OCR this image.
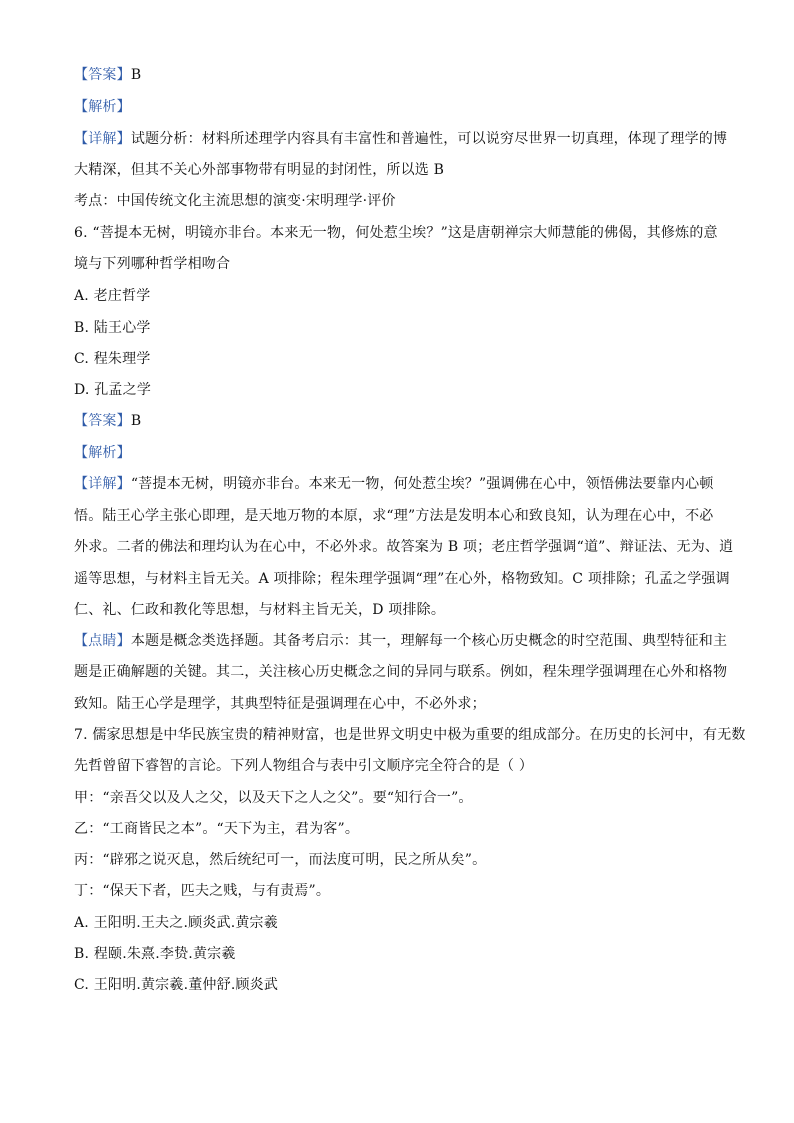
【答案】B
【解析】
【详解】试题分析：材料所述理学内容具有丰富性和普遍性，可以说穷尽世界一切真理，体现了理学的博
大精深，但其不关心外部事物带有明显的封闭性，所以选 B
考点：中国传统文化主流思想的演变·宋明理学·评价
6. “菩提本无树，明镜亦非台。本来无一物，何处惹尘埃？”这是唐朝禅宗大师慧能的佛偈，其修炼的意
境与下列哪种哲学相吻合
A. 老庄哲学
B. 陆王心学
C. 程朱理学
D. 孔孟之学
【答案】B
【解析】
【详解】“菩提本无树，明镜亦非台。本来无一物，何处惹尘埃？”强调佛在心中，领悟佛法要靠内心顿
悟。陆王心学主张心即理，是天地万物的本原，求“理”方法是发明本心和致良知，认为理在心中，不必
外求。二者的佛法和理均认为在心中，不必外求。故答案为 B 项；老庄哲学强调“道”、辩证法、无为、逍
遥等思想，与材料主旨无关。A 项排除；程朱理学强调“理”在心外，格物致知。C 项排除；孔孟之学强调
仁、礼、仁政和教化等思想，与材料主旨无关，D 项排除。
【点睛】本题是概念类选择题。其备考启示：其一，理解每一个核心历史概念的时空范围、典型特征和主
题是正确解题的关键。其二，关注核心历史概念之间的异同与联系。例如，程朱理学强调理在心外和格物
致知。陆王心学是理学，其典型特征是强调理在心中，不必外求；
7. 儒家思想是中华民族宝贵的精神财富，也是世界文明史中极为重要的组成部分。在历史的长河中，有无数
先哲曾留下睿智的言论。下列人物组合与表中引文顺序完全符合的是（ ）
甲：“亲吾父以及人之父，以及天下之人之父”。要“知行合一”。
乙：“工商皆民之本”。“天下为主，君为客”。
丙：“辟邪之说灭息，然后统纪可一，而法度可明，民之所从矣”。
丁：“保天下者，匹夫之贱，与有责焉”。
A. 王阳明.王夫之.顾炎武.黄宗羲
B. 程颐.朱熹.李贽.黄宗羲
C. 王阳明.黄宗羲.董仲舒.顾炎武
